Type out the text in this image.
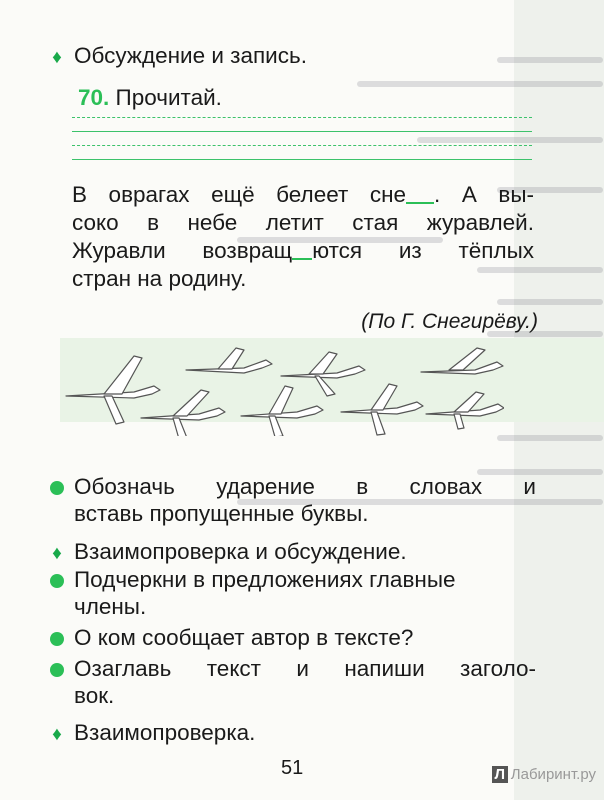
♦ Обсуждение и запись.
70. Прочитай.
В оврагах ещё белеет сне . А вы-
соко в небе летит стая журавлей.
Журавли возвращ ются из тёплых
стран на родину.
(По Г. Снегирёву.)
Обозначь ударение в словах и
вставь пропущенные буквы.
♦ Взаимопроверка и обсуждение.
Подчеркни в предложениях главные
члены.
О ком сообщает автор в тексте?
Озаглавь текст и напиши заголо-
вок.
♦ Взаимопроверка.
51	Л Лабиринт.ру
